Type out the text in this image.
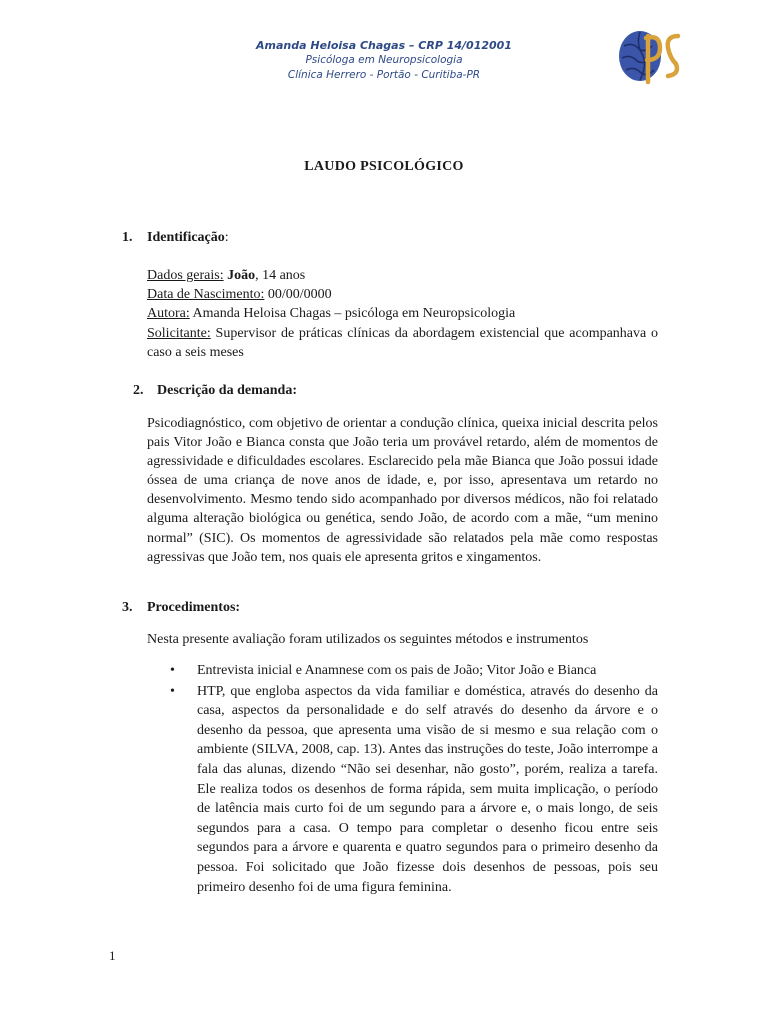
Amanda Heloisa Chagas – CRP 14/012001
Psicóloga em Neuropsicologia
Clínica Herrero - Portão - Curitiba-PR
LAUDO PSICOLÓGICO
1. Identificação:
Dados gerais: João, 14 anos
Data de Nascimento: 00/00/0000
Autora: Amanda Heloisa Chagas – psicóloga em Neuropsicologia
Solicitante: Supervisor de práticas clínicas da abordagem existencial que acompanhava o caso a seis meses
2. Descrição da demanda:
Psicodiagnóstico, com objetivo de orientar a condução clínica, queixa inicial descrita pelos pais Vitor João e Bianca consta que João teria um provável retardo, além de momentos de agressividade e dificuldades escolares. Esclarecido pela mãe Bianca que João possui idade óssea de uma criança de nove anos de idade, e, por isso, apresentava um retardo no desenvolvimento. Mesmo tendo sido acompanhado por diversos médicos, não foi relatado alguma alteração biológica ou genética, sendo João, de acordo com a mãe, “um menino normal” (SIC). Os momentos de agressividade são relatados pela mãe como respostas agressivas que João tem, nos quais ele apresenta gritos e xingamentos.
3. Procedimentos:
Nesta presente avaliação foram utilizados os seguintes métodos e instrumentos
• Entrevista inicial e Anamnese com os pais de João; Vitor João e Bianca
• HTP, que engloba aspectos da vida familiar e doméstica, através do desenho da casa, aspectos da personalidade e do self através do desenho da árvore e o desenho da pessoa, que apresenta uma visão de si mesmo e sua relação com o ambiente (SILVA, 2008, cap. 13). Antes das instruções do teste, João interrompe a fala das alunas, dizendo “Não sei desenhar, não gosto”, porém, realiza a tarefa. Ele realiza todos os desenhos de forma rápida, sem muita implicação, o período de latência mais curto foi de um segundo para a árvore e, o mais longo, de seis segundos para a casa. O tempo para completar o desenho ficou entre seis segundos para a árvore e quarenta e quatro segundos para o primeiro desenho da pessoa. Foi solicitado que João fizesse dois desenhos de pessoas, pois seu primeiro desenho foi de uma figura feminina.
1
